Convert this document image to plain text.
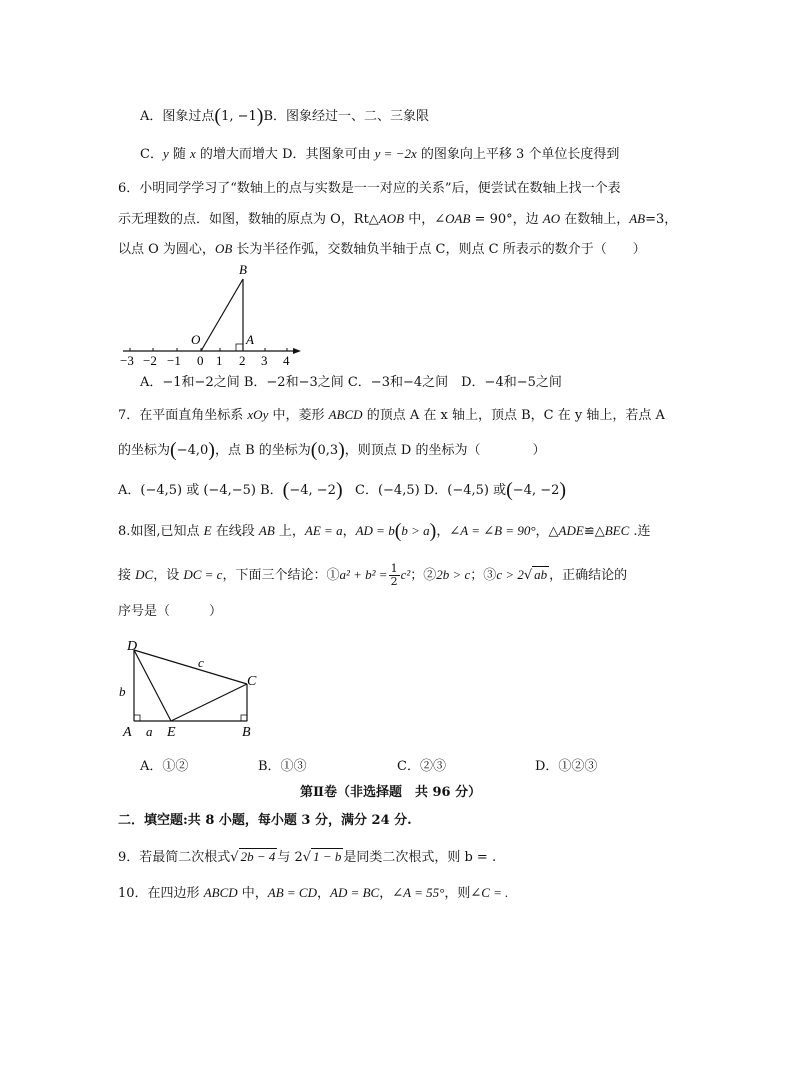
A．图象过点(1, −1)B．图象经过一、二、三象限
C．y 随 x 的增大而增大 D．其图象可由 y = −2x 的图象向上平移 3 个单位长度得到
6．小明同学学习了“数轴上的点与实数是一一对应的关系”后，便尝试在数轴上找一个表
示无理数的点．如图，数轴的原点为 O，Rt△AOB 中，∠OAB = 90°，边 AO 在数轴上，AB=3，
以点 O 为圆心，OB 长为半径作弧，交数轴负半轴于点 C，则点 C 所表示的数介于（　　）
B
O	A
−3 −2 −1 0 1 2 3 4
A．−1和−2之间 B．−2和−3之间 C．−3和−4之间　D．−4和−5之间
7．在平面直角坐标系 xOy 中，菱形 ABCD 的顶点 A 在 x 轴上，顶点 B，C 在 y 轴上，若点 A
的坐标为(−4,0)，点 B 的坐标为(0,3)，则顶点 D 的坐标为（　　　　）
A．(−4,5) 或 (−4,−5) B．(−4, −2) C．(−4,5) D．(−4,5) 或(−4, −2)
8.如图,已知点 E 在线段 AB 上，AE = a，AD = b(b > a)，∠A = ∠B = 90°，△ADE≌△BEC .连
接 DC，设 DC = c，下面三个结论：①a² + $b^2 = \frac{1}{2} c^2$；②2b > c；③c > 2√ ab ，正确结论的
序号是（　　　）
D
c
C
b
A a E	B
A．①②	B．①③	C．②③	D．①②③
第Ⅱ卷（非选择题　共 96 分）
二．填空题:共 8 小题，每小题 3 分，满分 24 分.
9．若最简二次根式√ 2b − 4 与 2√ 1 − b 是同类二次根式，则 b = .
10．在四边形 ABCD 中，AB = CD，AD = BC，∠A = 55°，则∠C = .
